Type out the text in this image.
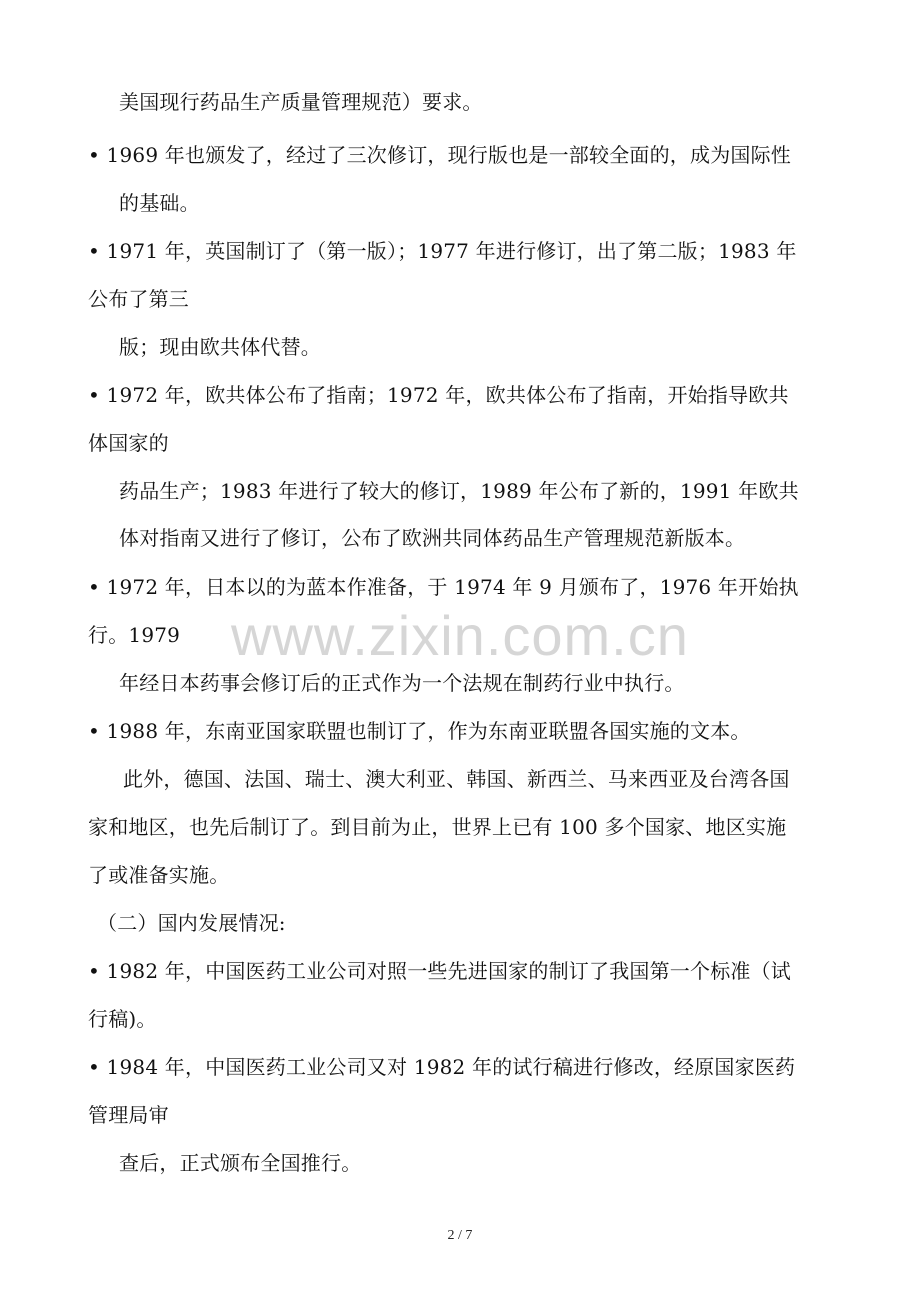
美国现行药品生产质量管理规范）要求。
• 1969 年也颁发了，经过了三次修订，现行版也是一部较全面的，成为国际性
的基础。
• 1971 年，英国制订了（第一版）；1977 年进行修订，出了第二版；1983 年
公布了第三
版；现由欧共体代替。
• 1972 年，欧共体公布了指南；1972 年，欧共体公布了指南，开始指导欧共
体国家的
药品生产；1983 年进行了较大的修订，1989 年公布了新的，1991 年欧共
体对指南又进行了修订，公布了欧洲共同体药品生产管理规范新版本。
• 1972 年，日本以的为蓝本作准备，于 1974 年 9 月颁布了，1976 年开始执
行。1979
年经日本药事会修订后的正式作为一个法规在制药行业中执行。
• 1988 年，东南亚国家联盟也制订了，作为东南亚联盟各国实施的文本。
此外，德国、法国、瑞士、澳大利亚、韩国、新西兰、马来西亚及台湾各国
家和地区，也先后制订了。到目前为止，世界上已有 100 多个国家、地区实施
了或准备实施。
（二）国内发展情况:
• 1982 年，中国医药工业公司对照一些先进国家的制订了我国第一个标准（试
行稿)。
• 1984 年，中国医药工业公司又对 1982 年的试行稿进行修改，经原国家医药
管理局审
查后，正式颁布全国推行。
www.zixin.com.cn
2 / 7
